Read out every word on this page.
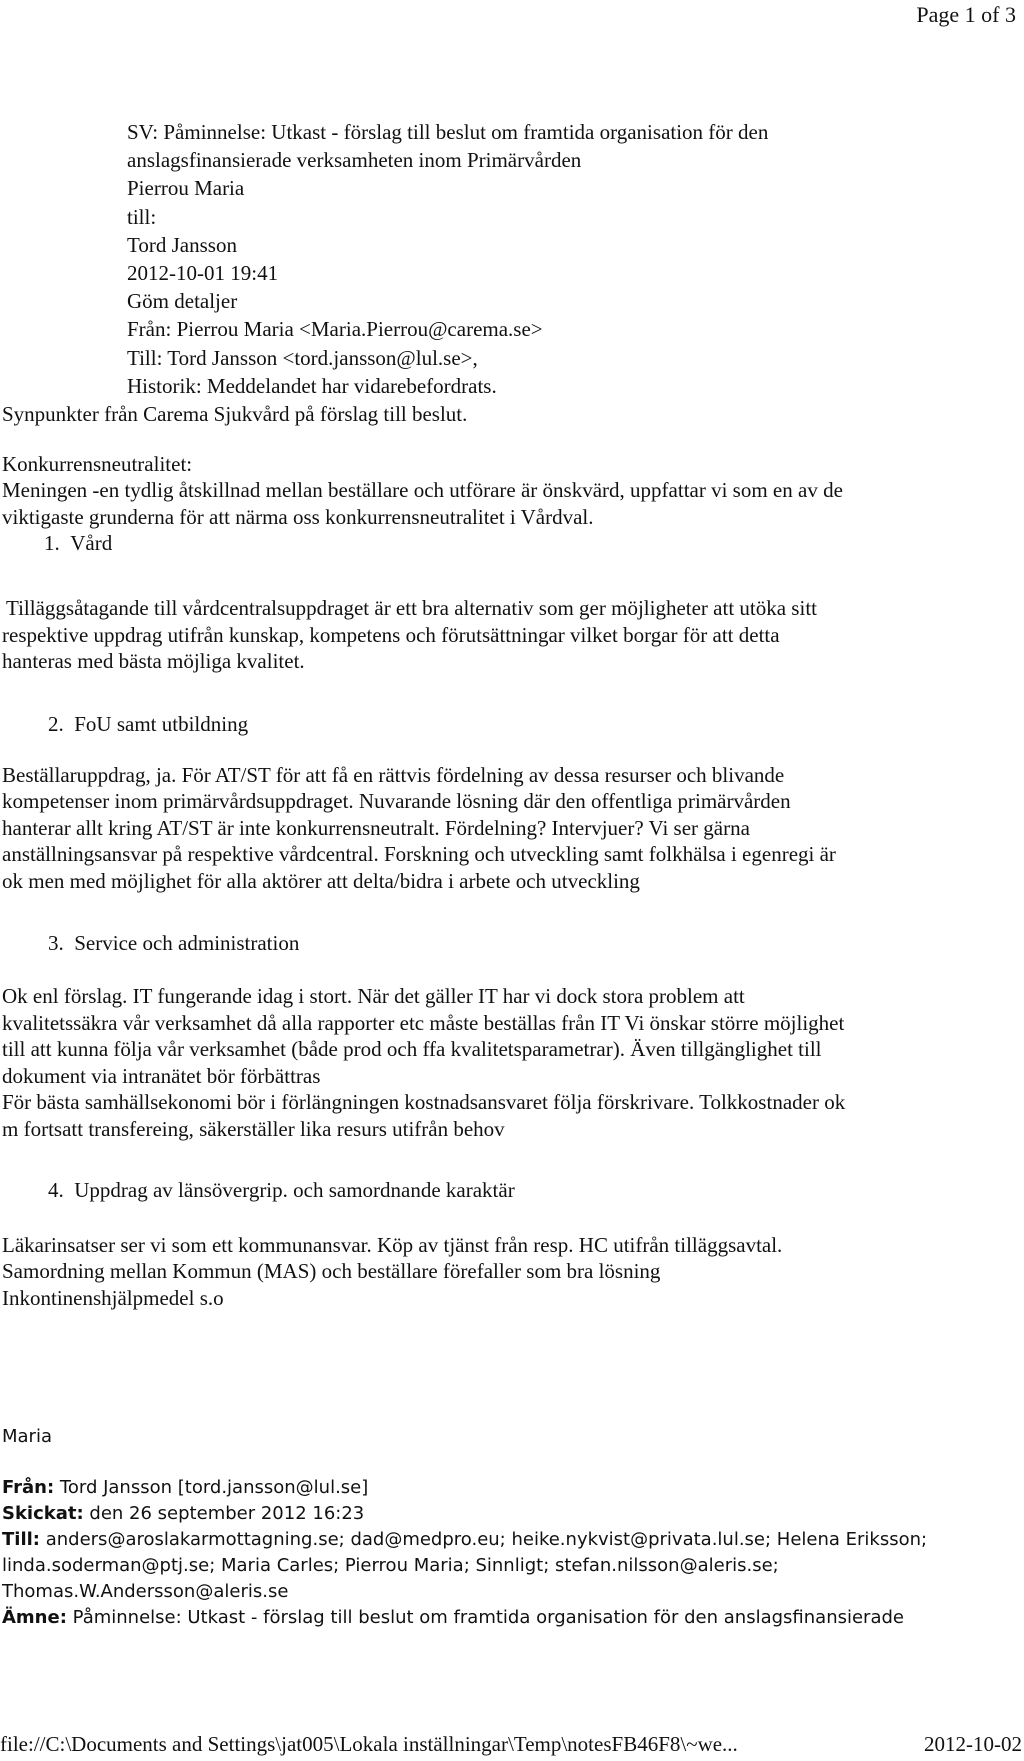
Page 1 of 3
SV: Påminnelse: Utkast - förslag till beslut om framtida organisation för den
anslagsfinansierade verksamheten inom Primärvården
Pierrou Maria
till:
Tord Jansson
2012-10-01 19:41
Göm detaljer
Från: Pierrou Maria <Maria.Pierrou@carema.se>
Till: Tord Jansson <tord.jansson@lul.se>,
Historik: Meddelandet har vidarebefordrats.
Synpunkter från Carema Sjukvård på förslag till beslut.
Konkurrensneutralitet:
Meningen -en tydlig åtskillnad mellan beställare och utförare är önskvärd, uppfattar vi som en av de
viktigaste grunderna för att närma oss konkurrensneutralitet i Vårdval.
1. Vård
Tilläggsåtagande till vårdcentralsuppdraget är ett bra alternativ som ger möjligheter att utöka sitt
respektive uppdrag utifrån kunskap, kompetens och förutsättningar vilket borgar för att detta
hanteras med bästa möjliga kvalitet.
2. FoU samt utbildning
Beställaruppdrag, ja. För AT/ST för att få en rättvis fördelning av dessa resurser och blivande
kompetenser inom primärvårdsuppdraget. Nuvarande lösning där den offentliga primärvården
hanterar allt kring AT/ST är inte konkurrensneutralt. Fördelning? Intervjuer? Vi ser gärna
anställningsansvar på respektive vårdcentral. Forskning och utveckling samt folkhälsa i egenregi är
ok men med möjlighet för alla aktörer att delta/bidra i arbete och utveckling
3. Service och administration
Ok enl förslag. IT fungerande idag i stort. När det gäller IT har vi dock stora problem att
kvalitetssäkra vår verksamhet då alla rapporter etc måste beställas från IT Vi önskar större möjlighet
till att kunna följa vår verksamhet (både prod och ffa kvalitetsparametrar). Även tillgänglighet till
dokument via intranätet bör förbättras
För bästa samhällsekonomi bör i förlängningen kostnadsansvaret följa förskrivare. Tolkkostnader ok
m fortsatt transfereing, säkerställer lika resurs utifrån behov
4. Uppdrag av länsövergrip. och samordnande karaktär
Läkarinsatser ser vi som ett kommunansvar. Köp av tjänst från resp. HC utifrån tilläggsavtal.
Samordning mellan Kommun (MAS) och beställare förefaller som bra lösning
Inkontinenshjälpmedel s.o
Maria
Från: Tord Jansson [tord.jansson@lul.se]
Skickat: den 26 september 2012 16:23
Till: anders@aroslakarmottagning.se; dad@medpro.eu; heike.nykvist@privata.lul.se; Helena Eriksson;
linda.soderman@ptj.se; Maria Carles; Pierrou Maria; Sinnligt; stefan.nilsson@aleris.se;
Thomas.W.Andersson@aleris.se
Ämne: Påminnelse: Utkast - förslag till beslut om framtida organisation för den anslagsfinansierade
file://C:\Documents and Settings\jat005\Lokala inställningar\Temp\notesFB46F8\~we...	2012-10-02
